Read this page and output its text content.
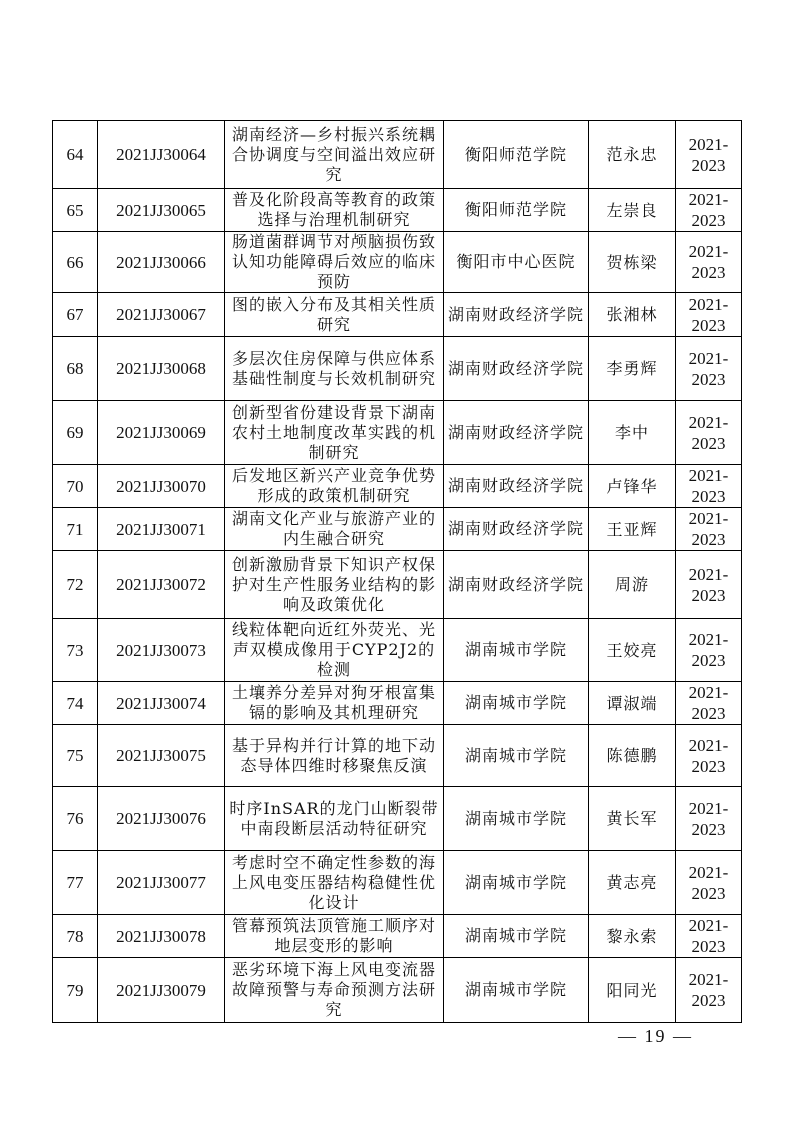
64	2021JJ30064	湖南经济—乡村振兴系统耦合协调度与空间溢出效应研究	衡阳师范学院	范永忠	2021-2023
65	2021JJ30065	普及化阶段高等教育的政策选择与治理机制研究	衡阳师范学院	左崇良	2021-2023
66	2021JJ30066	肠道菌群调节对颅脑损伤致认知功能障碍后效应的临床预防	衡阳市中心医院	贺栋梁	2021-2023
67	2021JJ30067	图的嵌入分布及其相关性质研究	湖南财政经济学院	张湘林	2021-2023
68	2021JJ30068	多层次住房保障与供应体系基础性制度与长效机制研究	湖南财政经济学院	李勇辉	2021-2023
69	2021JJ30069	创新型省份建设背景下湖南农村土地制度改革实践的机制研究	湖南财政经济学院	李中	2021-2023
70	2021JJ30070	后发地区新兴产业竞争优势形成的政策机制研究	湖南财政经济学院	卢锋华	2021-2023
71	2021JJ30071	湖南文化产业与旅游产业的内生融合研究	湖南财政经济学院	王亚辉	2021-2023
72	2021JJ30072	创新激励背景下知识产权保护对生产性服务业结构的影响及政策优化	湖南财政经济学院	周游	2021-2023
73	2021JJ30073	线粒体靶向近红外荧光、光声双模成像用于CYP2J2的检测	湖南城市学院	王姣亮	2021-2023
74	2021JJ30074	土壤养分差异对狗牙根富集镉的影响及其机理研究	湖南城市学院	谭淑端	2021-2023
75	2021JJ30075	基于异构并行计算的地下动态导体四维时移聚焦反演	湖南城市学院	陈德鹏	2021-2023
76	2021JJ30076	时序InSAR的龙门山断裂带中南段断层活动特征研究	湖南城市学院	黄长军	2021-2023
77	2021JJ30077	考虑时空不确定性参数的海上风电变压器结构稳健性优化设计	湖南城市学院	黄志亮	2021-2023
78	2021JJ30078	管幕预筑法顶管施工顺序对地层变形的影响	湖南城市学院	黎永索	2021-2023
79	2021JJ30079	恶劣环境下海上风电变流器故障预警与寿命预测方法研究	湖南城市学院	阳同光	2021-2023
— 19 —
